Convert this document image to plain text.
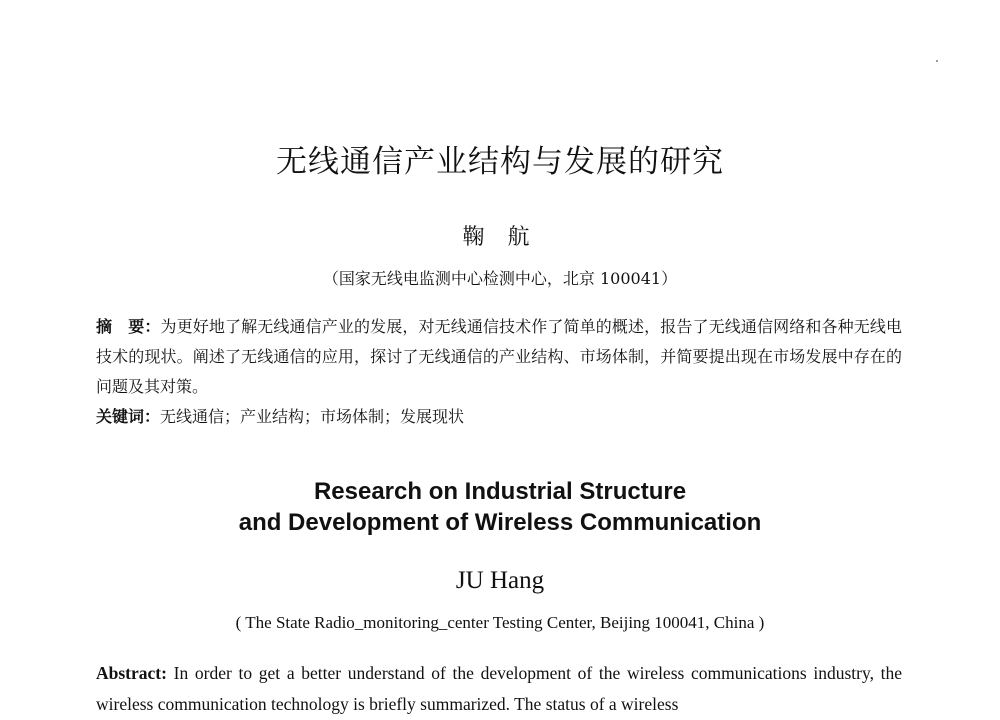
无线通信产业结构与发展的研究

鞠 航

（国家无线电监测中心检测中心，北京 100041）

摘　要：为更好地了解无线通信产业的发展，对无线通信技术作了简单的概述，报告了无线通信网络和各种无线电技术的现状。阐述了无线通信的应用，探讨了无线通信的产业结构、市场体制，并简要提出现在市场发展中存在的问题及其对策。

关键词：无线通信；产业结构；市场体制；发展现状

Research on Industrial Structure
and Development of Wireless Communication

JU Hang

( The State Radio_monitoring_center Testing Center, Beijing 100041, China )

Abstract: In order to get a better understand of the development of the wireless communications industry, the wireless communication technology is briefly summarized. The status of a wireless
